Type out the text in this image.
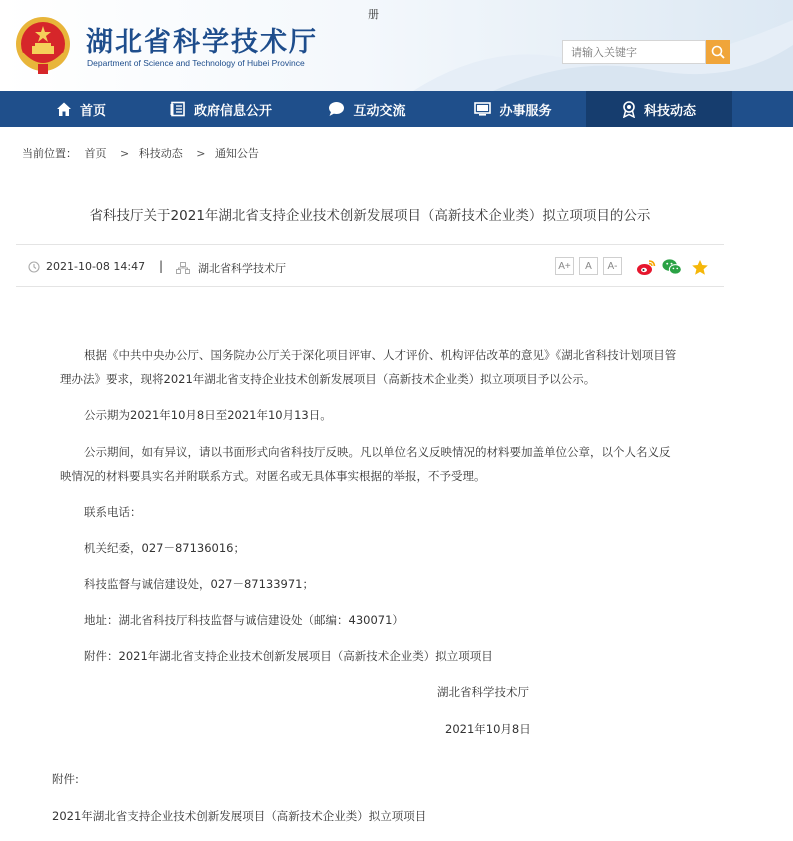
湖北省科学技术厅
Department of Science and Technology of Hubei Province
册
请输入关键字
首页	政府信息公开	互动交流	办事服务	科技动态
当前位置： 首页 > 科技动态 > 通知公告
省科技厅关于2021年湖北省支持企业技术创新发展项目（高新技术企业类）拟立项项目的公示
2021-10-08 14:47 |	湖北省科学技术厅	A+	A	A-

根据《中共中央办公厅、国务院办公厅关于深化项目评审、人才评价、机构评估改革的意见》《湖北省科技计划项目管理办法》要求，现将2021年湖北省支持企业技术创新发展项目（高新技术企业类）拟立项项目予以公示。

公示期为2021年10月8日至2021年10月13日。

公示期间，如有异议，请以书面形式向省科技厅反映。凡以单位名义反映情况的材料要加盖单位公章，以个人名义反映情况的材料要具实名并附联系方式。对匿名或无具体事实根据的举报，不予受理。

联系电话：

机关纪委，027－87136016；

科技监督与诚信建设处，027－87133971；

地址：湖北省科技厅科技监督与诚信建设处（邮编：430071）

附件：2021年湖北省支持企业技术创新发展项目（高新技术企业类）拟立项项目

湖北省科学技术厅
2021年10月8日
附件:
2021年湖北省支持企业技术创新发展项目（高新技术企业类）拟立项项目
